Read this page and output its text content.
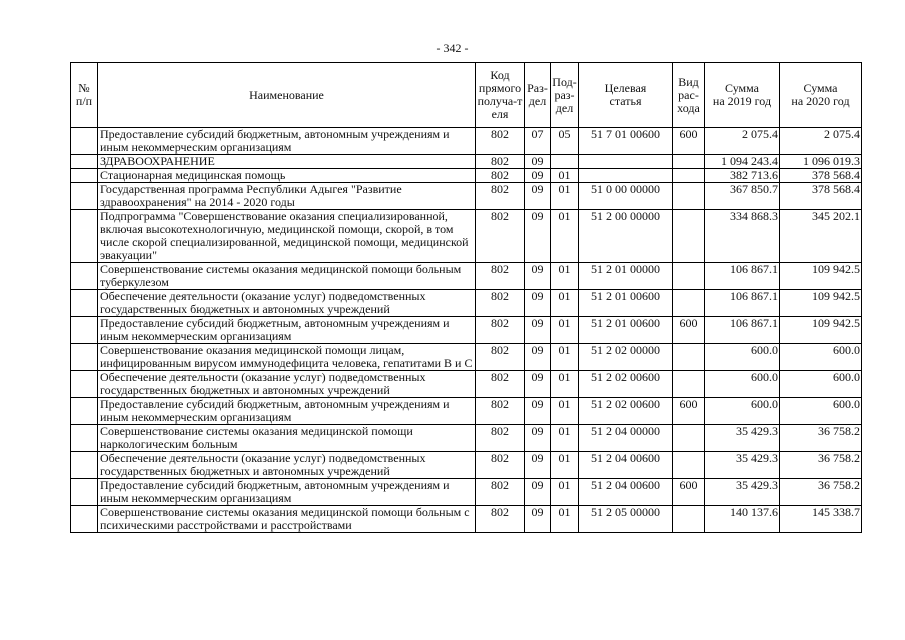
- 342 -
№
п/п	Наименование	Код
прямого
получа-т
еля	Раз-
дел	Под-
раз-
дел	Целевая
статья	Вид
рас-
хода	Сумма
на 2019 год	Сумма
на 2020 год
	Предоставление субсидий бюджетным, автономным учреждениям и иным некоммерческим организациям	802	07	05	51 7 01 00600	600	2 075.4	2 075.4
	ЗДРАВООХРАНЕНИЕ	802	09				1 094 243.4	1 096 019.3
	Стационарная медицинская помощь	802	09	01			382 713.6	378 568.4
	Государственная программа Республики Адыгея "Развитие здравоохранения" на 2014 - 2020 годы	802	09	01	51 0 00 00000		367 850.7	378 568.4
	Подпрограмма "Совершенствование оказания специализированной, включая высокотехнологичную, медицинской помощи, скорой, в том числе скорой специализированной, медицинской помощи, медицинской эвакуации"	802	09	01	51 2 00 00000		334 868.3	345 202.1
	Совершенствование системы оказания медицинской помощи больным туберкулезом	802	09	01	51 2 01 00000		106 867.1	109 942.5
	Обеспечение деятельности (оказание услуг) подведомственных государственных бюджетных и автономных учреждений	802	09	01	51 2 01 00600		106 867.1	109 942.5
	Предоставление субсидий бюджетным, автономным учреждениям и иным некоммерческим организациям	802	09	01	51 2 01 00600	600	106 867.1	109 942.5
	Совершенствование оказания медицинской помощи лицам, инфицированным вирусом иммунодефицита человека, гепатитами В и С	802	09	01	51 2 02 00000		600.0	600.0
	Обеспечение деятельности (оказание услуг) подведомственных государственных бюджетных и автономных учреждений	802	09	01	51 2 02 00600		600.0	600.0
	Предоставление субсидий бюджетным, автономным учреждениям и иным некоммерческим организациям	802	09	01	51 2 02 00600	600	600.0	600.0
	Совершенствование системы оказания медицинской помощи наркологическим больным	802	09	01	51 2 04 00000		35 429.3	36 758.2
	Обеспечение деятельности (оказание услуг) подведомственных государственных бюджетных и автономных учреждений	802	09	01	51 2 04 00600		35 429.3	36 758.2
	Предоставление субсидий бюджетным, автономным учреждениям и иным некоммерческим организациям	802	09	01	51 2 04 00600	600	35 429.3	36 758.2
	Совершенствование системы оказания медицинской помощи больным с психическими расстройствами и расстройствами	802	09	01	51 2 05 00000		140 137.6	145 338.7
